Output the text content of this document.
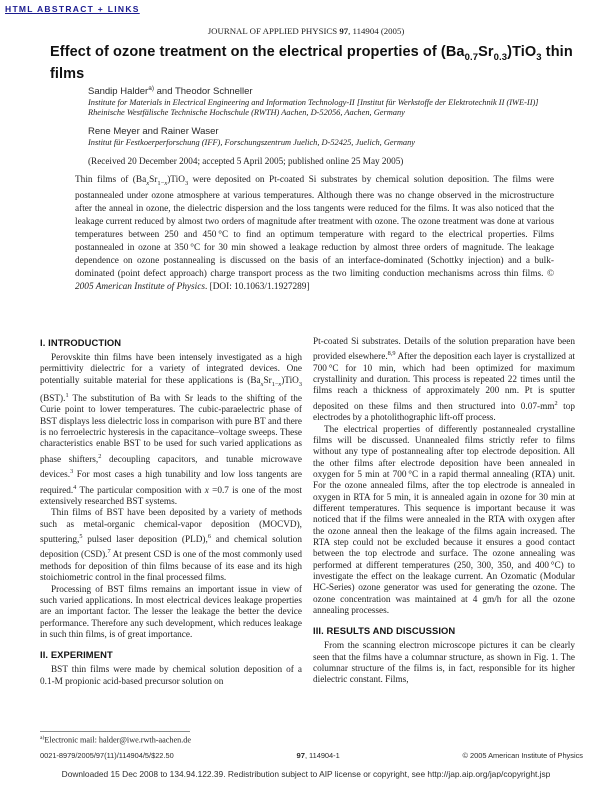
HTML ABSTRACT + LINKS
JOURNAL OF APPLIED PHYSICS 97, 114904 (2005)
Effect of ozone treatment on the electrical properties of $(Ba_{0.7}Sr_{0.3})TiO_3$ thin films
Sandip Halder$^{a)}$ and Theodor Schneller
Institute for Materials in Electrical Engineering and Information Technology-II [Institut für Werkstoffe der Elektrotechnik II (IWE-II)] Rheinische Westfälische Technische Hochschule (RWTH) Aachen, D-52056, Aachen, Germany
Rene Meyer and Rainer Waser
Institut für Festkoerperforschung (IFF), Forschungszentrum Juelich, D-52425, Juelich, Germany
(Received 20 December 2004; accepted 5 April 2005; published online 25 May 2005)
Thin films of $(Ba_xSr_{1-x})TiO_3$ were deposited on Pt-coated Si substrates by chemical solution deposition. The films were postannealed under ozone atmosphere at various temperatures. Although there was no change observed in the microstructure after the anneal in ozone, the dielectric dispersion and the loss tangents were reduced for the films. It was also noticed that the leakage current reduced by almost two orders of magnitude after treatment with ozone. The ozone treatment was done at various temperatures between 250 and 450 °C to find an optimum temperature with regard to the electrical properties. Films postannealed in ozone at 350 °C for 30 min showed a leakage reduction by almost three orders of magnitude. The leakage dependence on ozone postannealing is discussed on the basis of an interface-dominated (Schottky injection) and a bulk-dominated (point defect approach) charge transport process as the two limiting conduction mechanisms across thin films. © 2005 American Institute of Physics. [DOI: 10.1063/1.1927289]
I. INTRODUCTION

Perovskite thin films have been intensely investigated as a high permittivity dielectric for a variety of integrated devices. One potentially suitable material for these applications is $(Ba_xSr_{1-x})TiO_3$ (BST).$^1$ The substitution of Ba with Sr leads to the shifting of the Curie point to lower temperatures. The cubic-paraelectric phase of BST displays less dielectric loss in comparison with pure BT and there is no ferroelectric hysteresis in the capacitance–voltage sweeps. These characteristics enable BST to be used for such varied applications as phase shifters,$^2$ decoupling capacitors, and tunable microwave devices.$^3$ For most cases a high tunability and low loss tangents are required.$^4$ The particular composition with x =0.7 is one of the most extensively researched BST systems.

Thin films of BST have been deposited by a variety of methods such as metal-organic chemical-vapor deposition (MOCVD), sputtering,$^5$ pulsed laser deposition (PLD),$^6$ and chemical solution deposition (CSD).$^7$ At present CSD is one of the most commonly used methods for deposition of thin films because of its ease and its high stoichiometric control in the final processed films.

Processing of BST films remains an important issue in view of such varied applications. In most electrical devices leakage properties are an important factor. The lesser the leakage the better the device performance. Therefore any such development, which reduces leakage in such thin films, is of great importance.

II. EXPERIMENT

BST thin films were made by chemical solution deposition of a 0.1-M propionic acid-based precursor solution on

$^{a)}$Electronic mail: halder@iwe.rwth-aachen.de

Pt-coated Si substrates. Details of the solution preparation have been provided elsewhere.$^{8,9}$ After the deposition each layer is crystallized at 700 °C for 10 min, which had been optimized for maximum crystallinity and duration. This process is repeated 22 times until the films reach a thickness of approximately 200 nm. Pt is sputter deposited on these films and then structured into $0.07-mm^2$ top electrodes by a photolithographic lift-off process.

The electrical properties of differently postannealed crystalline films will be discussed. Unannealed films strictly refer to films without any type of postannealing after top electrode deposition. All the other films after electrode deposition have been annealed in oxygen for 5 min at 700 °C in a rapid thermal annealing (RTA) unit. For the ozone annealed films, after the top electrode is annealed in oxygen in RTA for 5 min, it is annealed again in ozone for 30 min at different temperatures. This sequence is important because it was noticed that if the films were annealed in the RTA with oxygen after the ozone anneal then the leakage of the films again increased. The RTA step could not be excluded because it ensures a good contact between the top electrode and surface. The ozone annealing was performed at different temperatures (250, 300, 350, and 400 °C) to investigate the effect on the leakage current. An Ozomatic (Modular HC-Series) ozone generator was used for generating the ozone. The ozone concentration was maintained at 4 gm/h for all the ozone annealing processes.

III. RESULTS AND DISCUSSION

From the scanning electron microscope pictures it can be clearly seen that the films have a columnar structure, as shown in Fig. 1. The columnar structure of the films is, in fact, responsible for its higher dielectric constant. Films,

0021-8979/2005/97(11)/114904/5/$22.50	97, 114904-1	© 2005 American Institute of Physics
Downloaded 15 Dec 2008 to 134.94.122.39. Redistribution subject to AIP license or copyright, see http://jap.aip.org/jap/copyright.jsp
